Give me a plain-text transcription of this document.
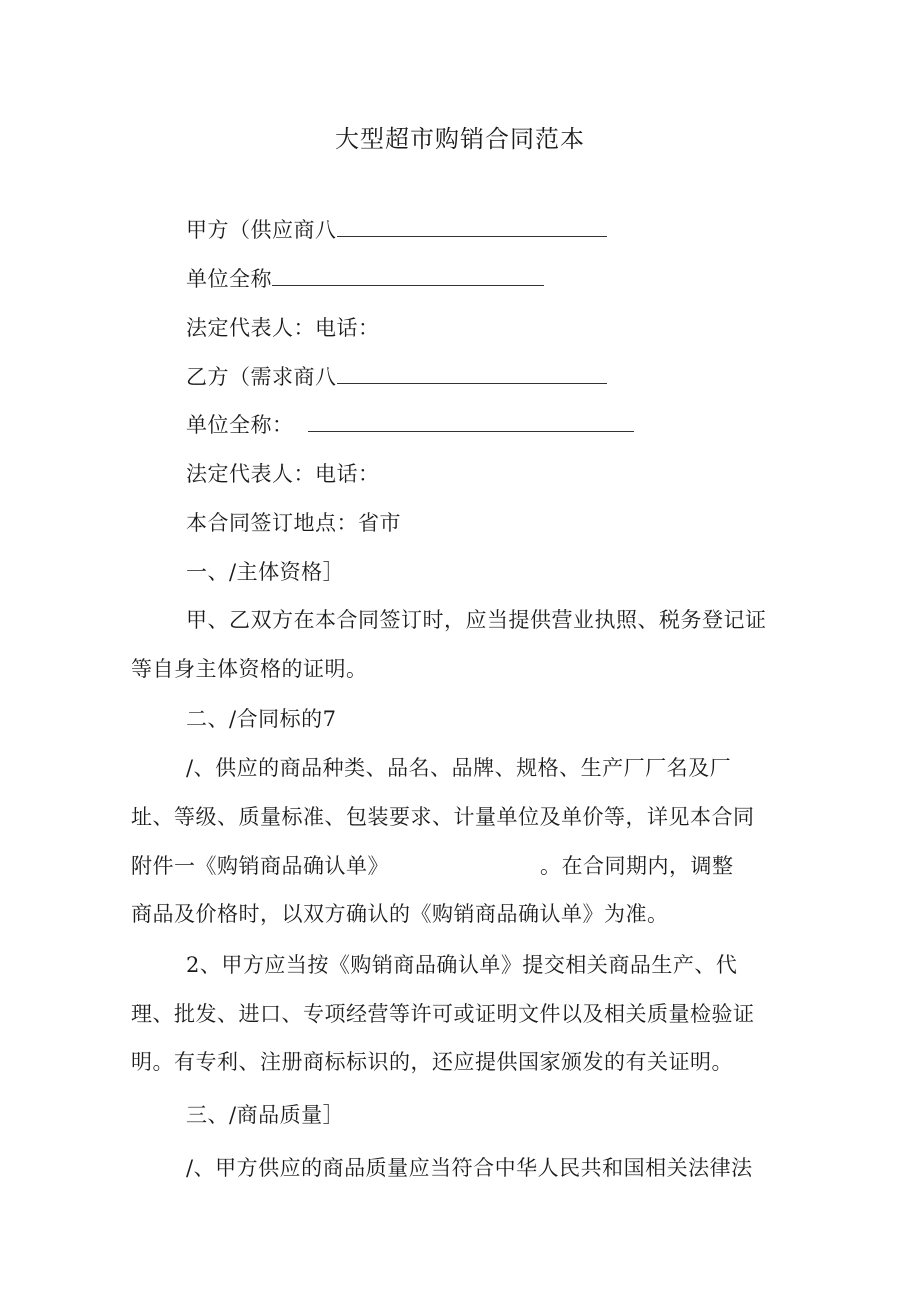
大型超市购销合同范本
甲方（供应商八
单位全称
法定代表人：电话：
乙方（需求商八
单位全称：
法定代表人：电话：
本合同签订地点：省市
一、/主体资格］
甲、乙双方在本合同签订时，应当提供营业执照、税务登记证
等自身主体资格的证明。
二、/合同标的7
/、供应的商品种类、品名、品牌、规格、生产厂厂名及厂
址、等级、质量标准、包装要求、计量单位及单价等，详见本合同
附件一《购销商品确认单》	。在合同期内，调整
商品及价格时，以双方确认的《购销商品确认单》为准。
2、甲方应当按《购销商品确认单》提交相关商品生产、代
理、批发、进口、专项经营等许可或证明文件以及相关质量检验证
明。有专利、注册商标标识的，还应提供国家颁发的有关证明。
三、/商品质量］
/、甲方供应的商品质量应当符合中华人民共和国相关法律法
